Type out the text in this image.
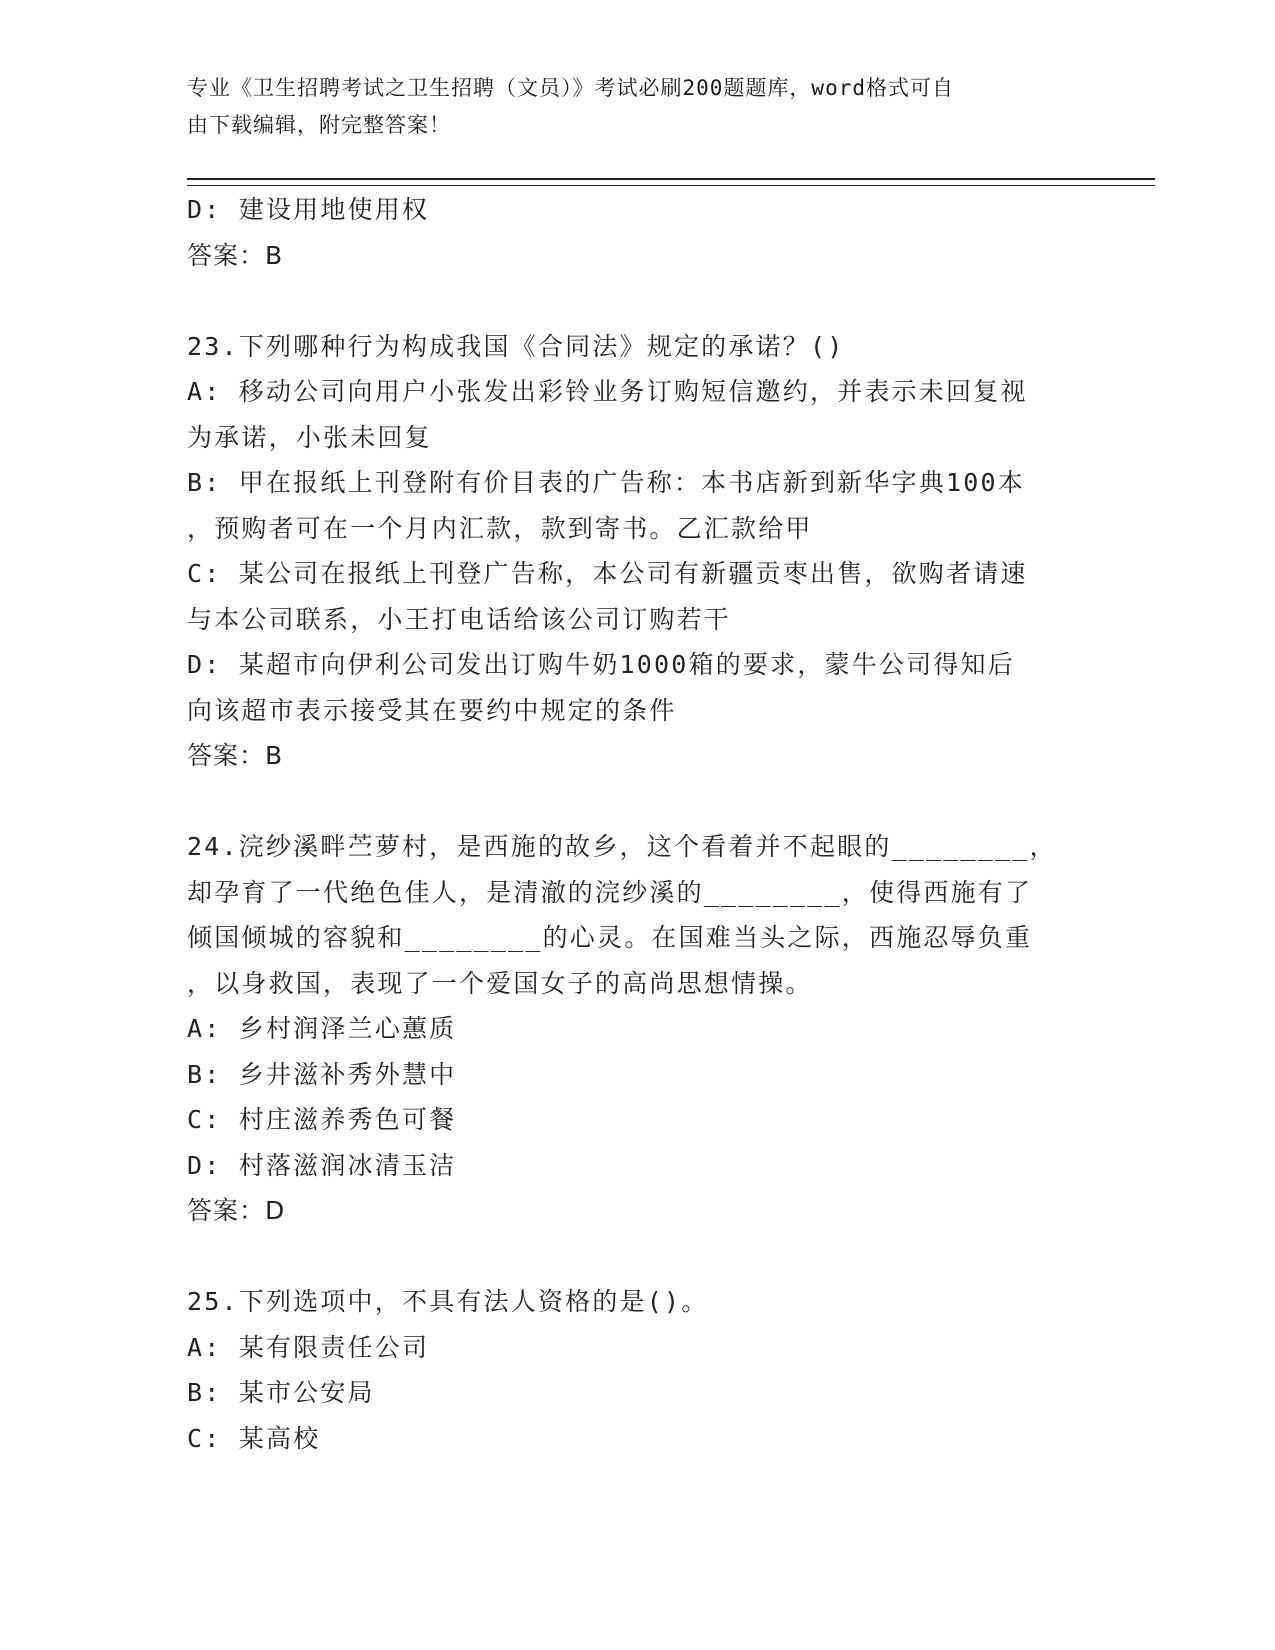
专业《卫生招聘考试之卫生招聘（文员）》考试必刷200题题库，word格式可自
由下载编辑，附完整答案！
D: 建设用地使用权
答案：B
23.下列哪种行为构成我国《合同法》规定的承诺？()
A: 移动公司向用户小张发出彩铃业务订购短信邀约，并表示未回复视
为承诺，小张未回复
B: 甲在报纸上刊登附有价目表的广告称：本书店新到新华字典100本
，预购者可在一个月内汇款，款到寄书。乙汇款给甲
C: 某公司在报纸上刊登广告称，本公司有新疆贡枣出售，欲购者请速
与本公司联系，小王打电话给该公司订购若干
D: 某超市向伊利公司发出订购牛奶1000箱的要求，蒙牛公司得知后
向该超市表示接受其在要约中规定的条件
答案：B
24.浣纱溪畔苎萝村，是西施的故乡，这个看着并不起眼的________，
却孕育了一代绝色佳人，是清澈的浣纱溪的________，使得西施有了
倾国倾城的容貌和________的心灵。在国难当头之际，西施忍辱负重
，以身救国，表现了一个爱国女子的高尚思想情操。
A: 乡村润泽兰心蕙质
B: 乡井滋补秀外慧中
C: 村庄滋养秀色可餐
D: 村落滋润冰清玉洁
答案：D
25.下列选项中，不具有法人资格的是()。
A: 某有限责任公司
B: 某市公安局
C: 某高校
